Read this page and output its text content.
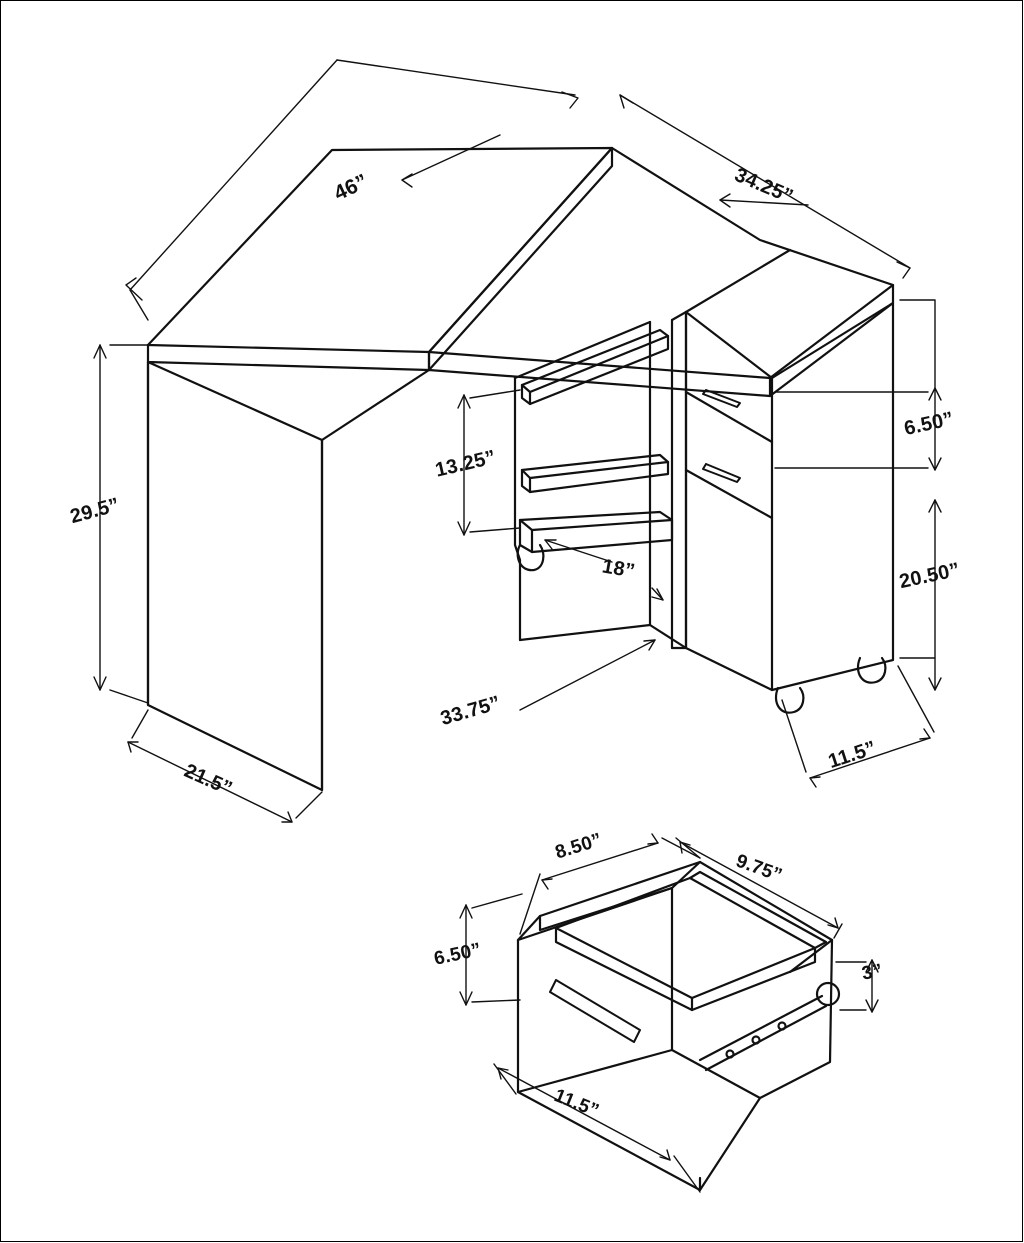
46”	34.25”
29.5”
21.5”
13.25”
18”
33.75”
11.5”
6.50”
20.50”
8.50”
9.75”
6.50”
3”
11.5”
